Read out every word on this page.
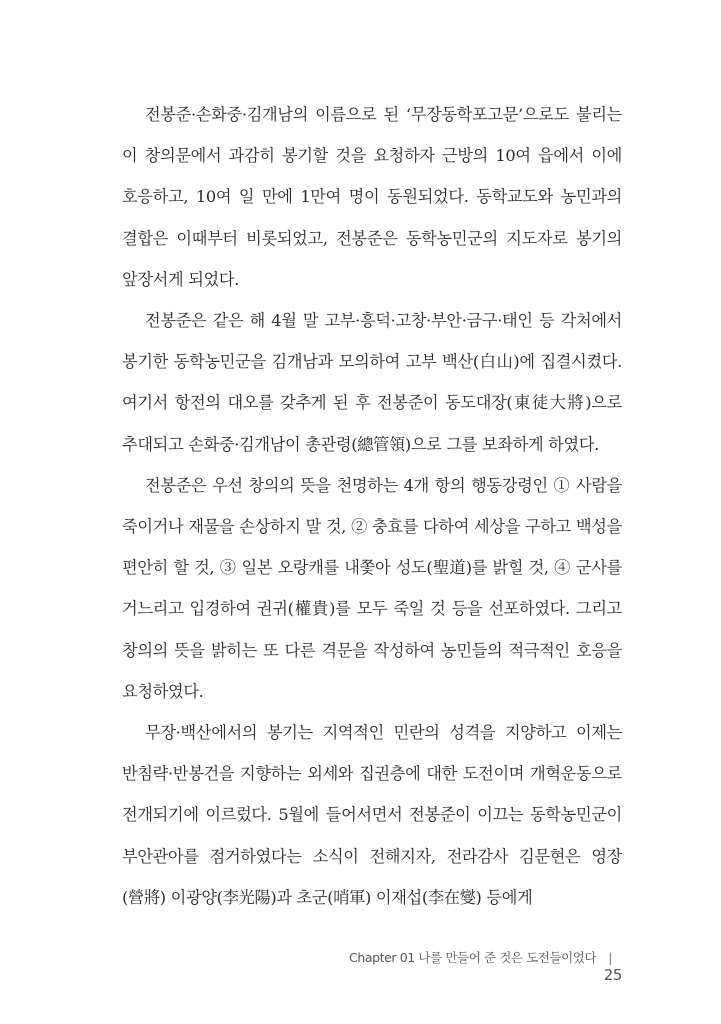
전봉준·손화중·김개남의 이름으로 된 ‘무장동학포고문’으로도 불리는 이 창의문에서 과감히 봉기할 것을 요청하자 근방의 10여 읍에서 이에 호응하고, 10여 일 만에 1만여 명이 동원되었다. 동학교도와 농민과의 결합은 이때부터 비롯되었고, 전봉준은 동학농민군의 지도자로 봉기의 앞장서게 되었다.

전봉준은 같은 해 4월 말 고부·흥덕·고창·부안·금구·태인 등 각처에서 봉기한 동학농민군을 김개남과 모의하여 고부 백산(白山)에 집결시켰다. 여기서 항전의 대오를 갖추게 된 후 전봉준이 동도대장(東徒大將)으로 추대되고 손화중·김개남이 총관령(總管領)으로 그를 보좌하게 하였다.

전봉준은 우선 창의의 뜻을 천명하는 4개 항의 행동강령인 ① 사람을 죽이거나 재물을 손상하지 말 것, ② 충효를 다하여 세상을 구하고 백성을 편안히 할 것, ③ 일본 오랑캐를 내쫓아 성도(聖道)를 밝힐 것, ④ 군사를 거느리고 입경하여 권귀(權貴)를 모두 죽일 것 등을 선포하였다. 그리고 창의의 뜻을 밝히는 또 다른 격문을 작성하여 농민들의 적극적인 호응을 요청하였다.

무장·백산에서의 봉기는 지역적인 민란의 성격을 지양하고 이제는 반침략·반봉건을 지향하는 외세와 집권층에 대한 도전이며 개혁운동으로 전개되기에 이르렀다. 5월에 들어서면서 전봉준이 이끄는 동학농민군이 부안관아를 점거하였다는 소식이 전해지자, 전라감사 김문현은 영장(營將) 이광양(李光陽)과 초군(哨軍) 이재섭(李在燮) 등에게

Chapter 01 나를 만들어 준 것은 도전들이었다 |25
